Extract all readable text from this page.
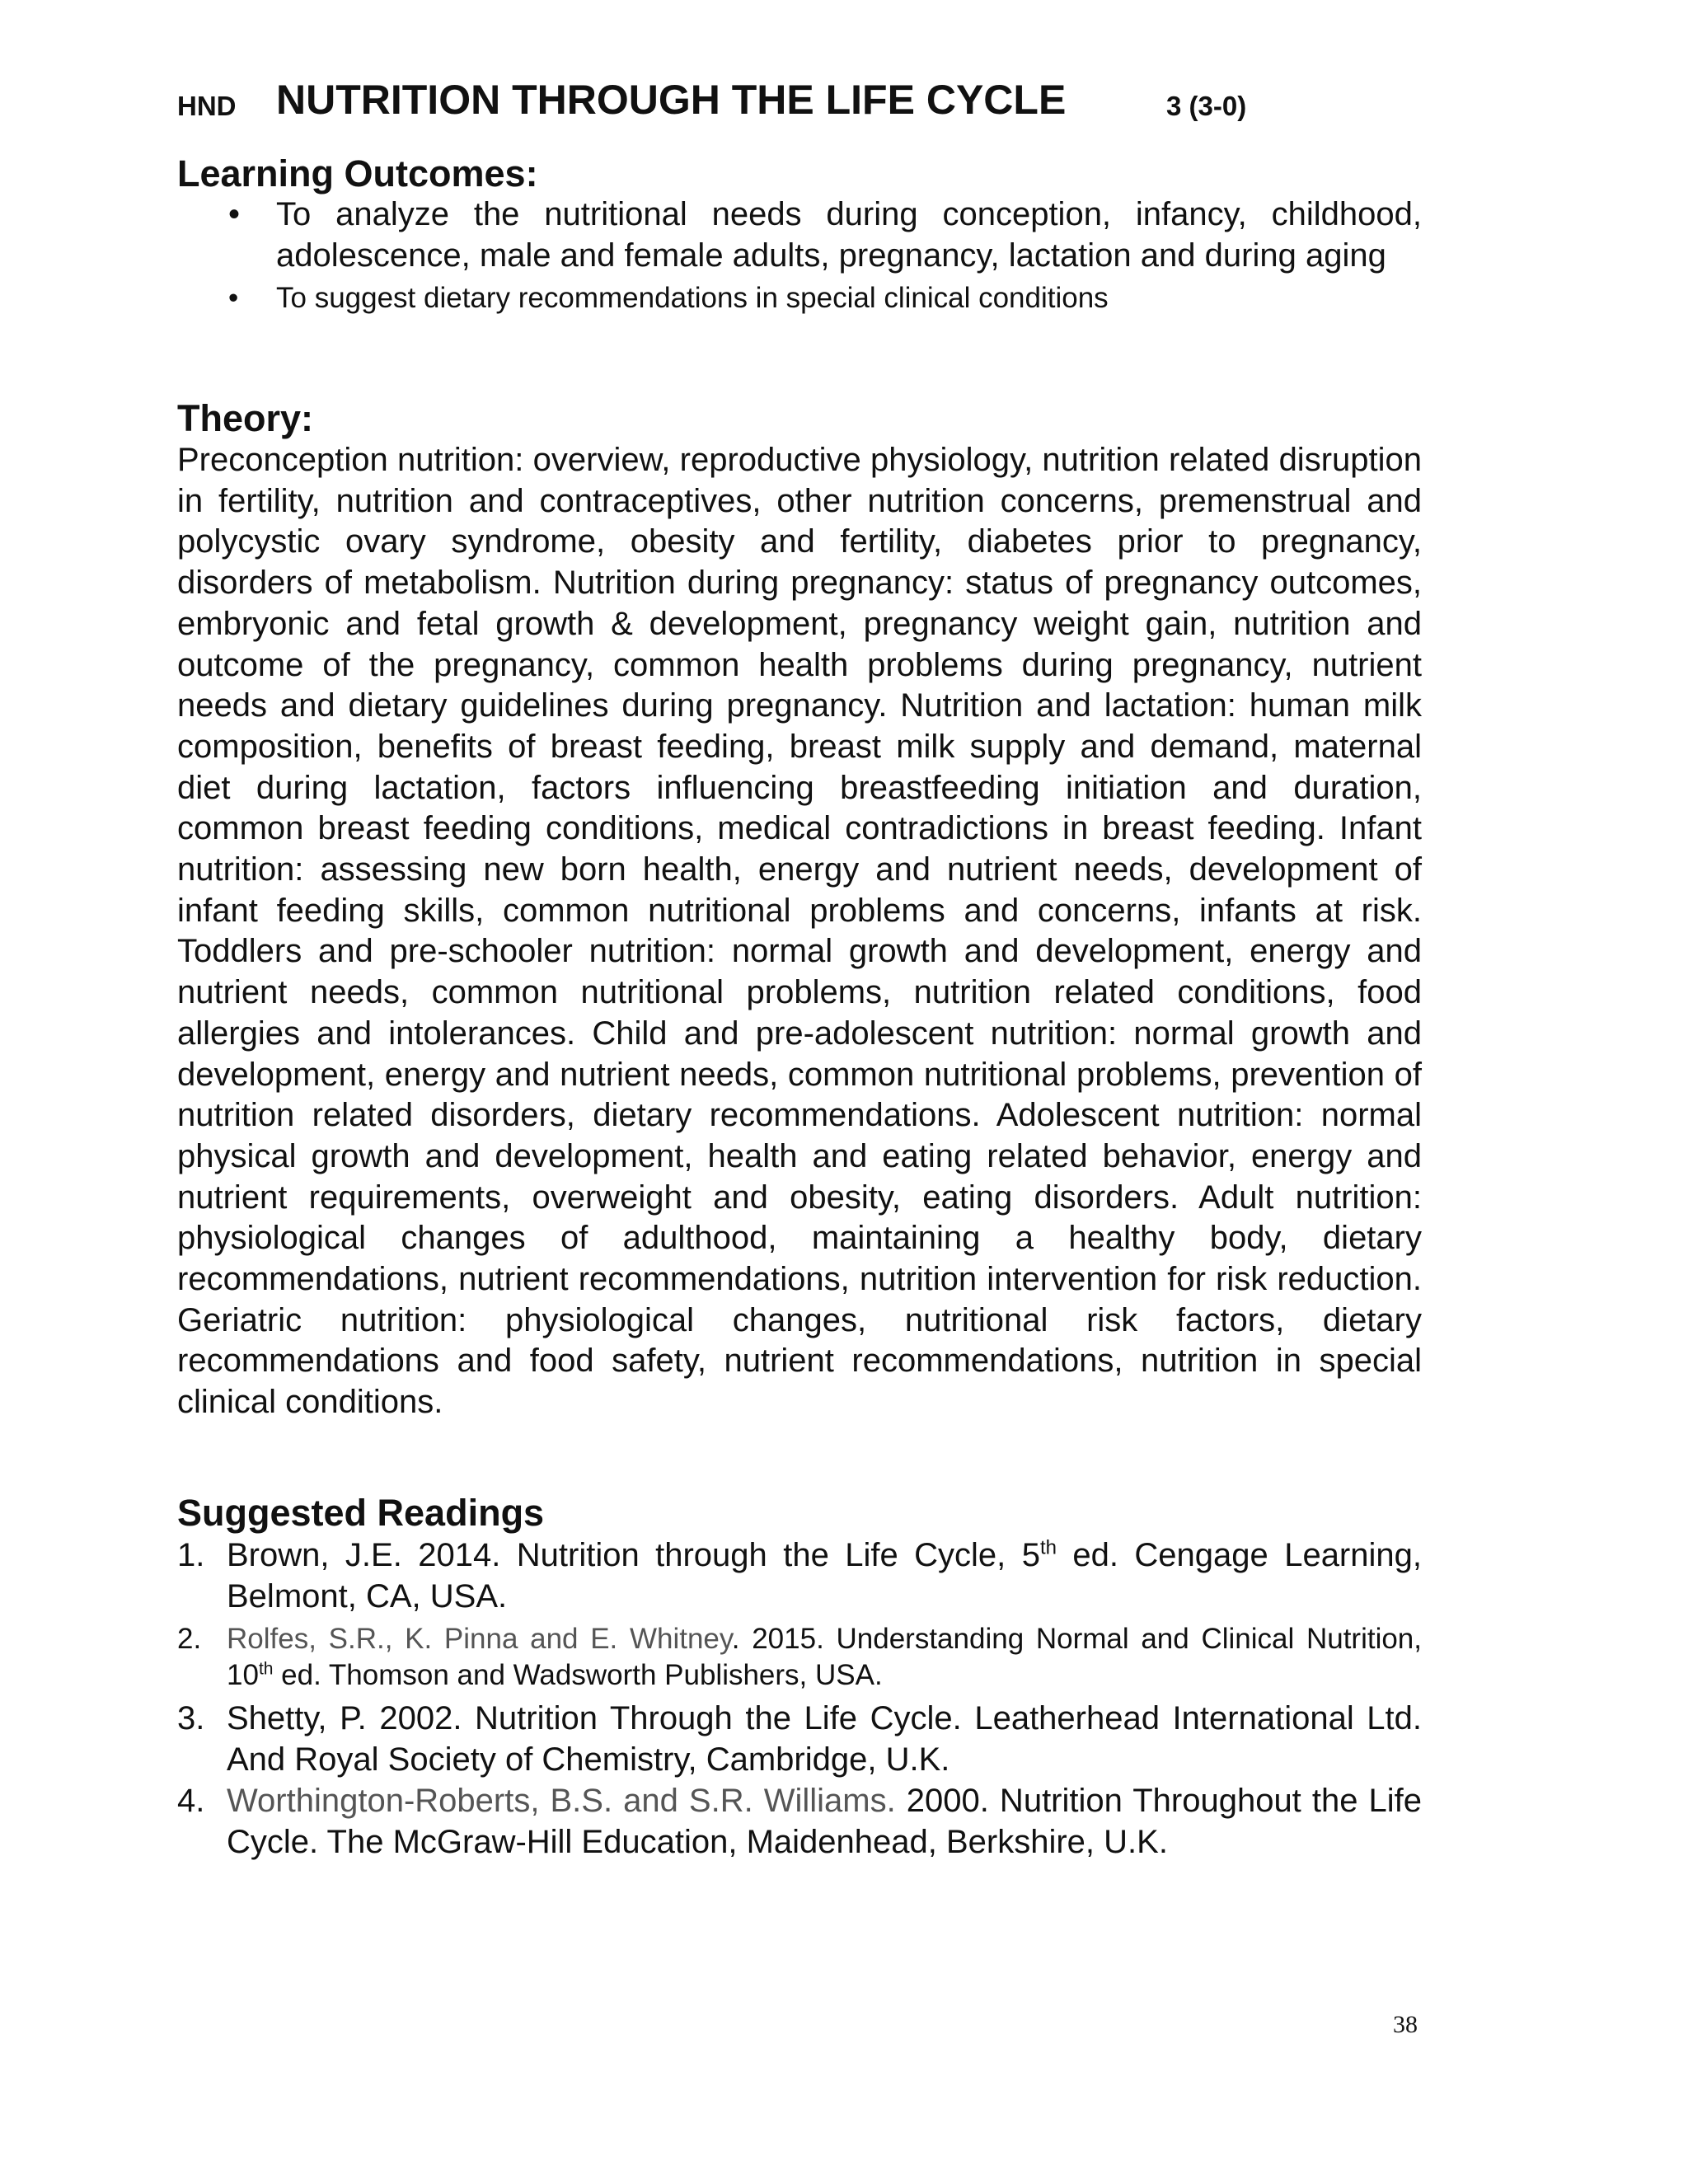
HND NUTRITION THROUGH THE LIFE CYCLE	3 (3-0)
Learning Outcomes:
• To analyze the nutritional needs during conception, infancy, childhood, adolescence, male and female adults, pregnancy, lactation and during aging
• To suggest dietary recommendations in special clinical conditions
Theory:

Preconception nutrition: overview, reproductive physiology, nutrition related disruption in fertility, nutrition and contraceptives, other nutrition concerns, premenstrual and polycystic ovary syndrome, obesity and fertility, diabetes prior to pregnancy, disorders of metabolism. Nutrition during pregnancy: status of pregnancy outcomes, embryonic and fetal growth & development, pregnancy weight gain, nutrition and outcome of the pregnancy, common health problems during pregnancy, nutrient needs and dietary guidelines during pregnancy. Nutrition and lactation: human milk composition, benefits of breast feeding, breast milk supply and demand, maternal diet during lactation, factors influencing breastfeeding initiation and duration, common breast feeding conditions, medical contradictions in breast feeding. Infant nutrition: assessing new born health, energy and nutrient needs, development of infant feeding skills, common nutritional problems and concerns, infants at risk. Toddlers and pre-schooler nutrition: normal growth and development, energy and nutrient needs, common nutritional problems, nutrition related conditions, food allergies and intolerances. Child and pre-adolescent nutrition: normal growth and development, energy and nutrient needs, common nutritional problems, prevention of nutrition related disorders, dietary recommendations. Adolescent nutrition: normal physical growth and development, health and eating related behavior, energy and nutrient requirements, overweight and obesity, eating disorders. Adult nutrition: physiological changes of adulthood, maintaining a healthy body, dietary recommendations, nutrient recommendations, nutrition intervention for risk reduction. Geriatric nutrition: physiological changes, nutritional risk factors, dietary recommendations and food safety, nutrient recommendations, nutrition in special clinical conditions.

Suggested Readings
1. Brown, J.E. 2014. Nutrition through the Life Cycle, 5th ed. Cengage Learning, Belmont, CA, USA.
2. Rolfes, S.R., K. Pinna and E. Whitney. 2015. Understanding Normal and Clinical Nutrition, 10th ed. Thomson and Wadsworth Publishers, USA.
3. Shetty, P. 2002. Nutrition Through the Life Cycle. Leatherhead International Ltd. And Royal Society of Chemistry, Cambridge, U.K.
4. Worthington-Roberts, B.S. and S.R. Williams. 2000. Nutrition Throughout the Life Cycle. The McGraw-Hill Education, Maidenhead, Berkshire, U.K.
38
